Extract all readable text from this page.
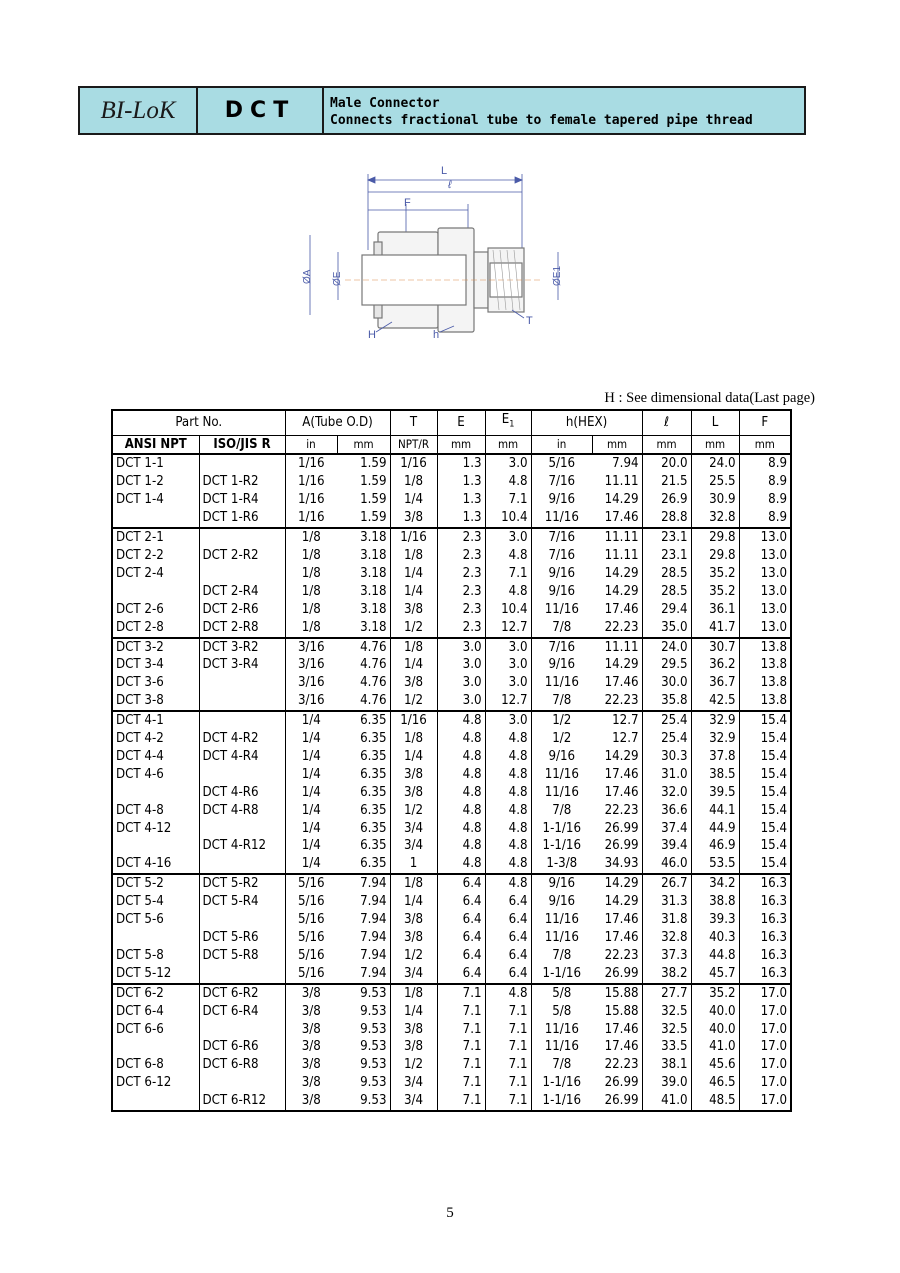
BI-LoK	DCT	Male Connector
Connects fractional tube to female tapered pipe thread
L
ℓ
F
ØA ØE	ØE1
H	h
T
H : See dimensional data(Last page)
Part No.		A(Tube O.D)		T	E	$E_1$	h(HEX)		ℓ	L	F
ANSI NPT	ISO/JIS R	in	mm	NPT/R	mm	mm	in	mm	mm	mm	mm
DCT 1-1		1/16	1.59	1/16	1.3	3.0	5/16	7.94	20.0	24.0	8.9
DCT 1-2	DCT 1-R2	1/16	1.59	1/8	1.3	4.8	7/16	11.11	21.5	25.5	8.9
DCT 1-4	DCT 1-R4	1/16	1.59	1/4	1.3	7.1	9/16	14.29	26.9	30.9	8.9
	DCT 1-R6	1/16	1.59	3/8	1.3	10.4	11/16	17.46	28.8	32.8	8.9
DCT 2-1		1/8	3.18	1/16	2.3	3.0	7/16	11.11	23.1	29.8	13.0
DCT 2-2	DCT 2-R2	1/8	3.18	1/8	2.3	4.8	7/16	11.11	23.1	29.8	13.0
DCT 2-4		1/8	3.18	1/4	2.3	7.1	9/16	14.29	28.5	35.2	13.0
	DCT 2-R4	1/8	3.18	1/4	2.3	4.8	9/16	14.29	28.5	35.2	13.0
DCT 2-6	DCT 2-R6	1/8	3.18	3/8	2.3	10.4	11/16	17.46	29.4	36.1	13.0
DCT 2-8	DCT 2-R8	1/8	3.18	1/2	2.3	12.7	7/8	22.23	35.0	41.7	13.0
DCT 3-2	DCT 3-R2	3/16	4.76	1/8	3.0	3.0	7/16	11.11	24.0	30.7	13.8
DCT 3-4	DCT 3-R4	3/16	4.76	1/4	3.0	3.0	9/16	14.29	29.5	36.2	13.8
DCT 3-6		3/16	4.76	3/8	3.0	3.0	11/16	17.46	30.0	36.7	13.8
DCT 3-8		3/16	4.76	1/2	3.0	12.7	7/8	22.23	35.8	42.5	13.8
DCT 4-1		1/4	6.35	1/16	4.8	3.0	1/2	12.7	25.4	32.9	15.4
DCT 4-2	DCT 4-R2	1/4	6.35	1/8	4.8	4.8	1/2	12.7	25.4	32.9	15.4
DCT 4-4	DCT 4-R4	1/4	6.35	1/4	4.8	4.8	9/16	14.29	30.3	37.8	15.4
DCT 4-6		1/4	6.35	3/8	4.8	4.8	11/16	17.46	31.0	38.5	15.4
	DCT 4-R6	1/4	6.35	3/8	4.8	4.8	11/16	17.46	32.0	39.5	15.4
DCT 4-8	DCT 4-R8	1/4	6.35	1/2	4.8	4.8	7/8	22.23	36.6	44.1	15.4
DCT 4-12		1/4	6.35	3/4	4.8	4.8	1-1/16	26.99	37.4	44.9	15.4
	DCT 4-R12	1/4	6.35	3/4	4.8	4.8	1-1/16	26.99	39.4	46.9	15.4
DCT 4-16		1/4	6.35	1	4.8	4.8	1-3/8	34.93	46.0	53.5	15.4
DCT 5-2	DCT 5-R2	5/16	7.94	1/8	6.4	4.8	9/16	14.29	26.7	34.2	16.3
DCT 5-4	DCT 5-R4	5/16	7.94	1/4	6.4	6.4	9/16	14.29	31.3	38.8	16.3
DCT 5-6		5/16	7.94	3/8	6.4	6.4	11/16	17.46	31.8	39.3	16.3
	DCT 5-R6	5/16	7.94	3/8	6.4	6.4	11/16	17.46	32.8	40.3	16.3
DCT 5-8	DCT 5-R8	5/16	7.94	1/2	6.4	6.4	7/8	22.23	37.3	44.8	16.3
DCT 5-12		5/16	7.94	3/4	6.4	6.4	1-1/16	26.99	38.2	45.7	16.3
DCT 6-2	DCT 6-R2	3/8	9.53	1/8	7.1	4.8	5/8	15.88	27.7	35.2	17.0
DCT 6-4	DCT 6-R4	3/8	9.53	1/4	7.1	7.1	5/8	15.88	32.5	40.0	17.0
DCT 6-6		3/8	9.53	3/8	7.1	7.1	11/16	17.46	32.5	40.0	17.0
	DCT 6-R6	3/8	9.53	3/8	7.1	7.1	11/16	17.46	33.5	41.0	17.0
DCT 6-8	DCT 6-R8	3/8	9.53	1/2	7.1	7.1	7/8	22.23	38.1	45.6	17.0
DCT 6-12		3/8	9.53	3/4	7.1	7.1	1-1/16	26.99	39.0	46.5	17.0
	DCT 6-R12	3/8	9.53	3/4	7.1	7.1	1-1/16	26.99	41.0	48.5	17.0
5
